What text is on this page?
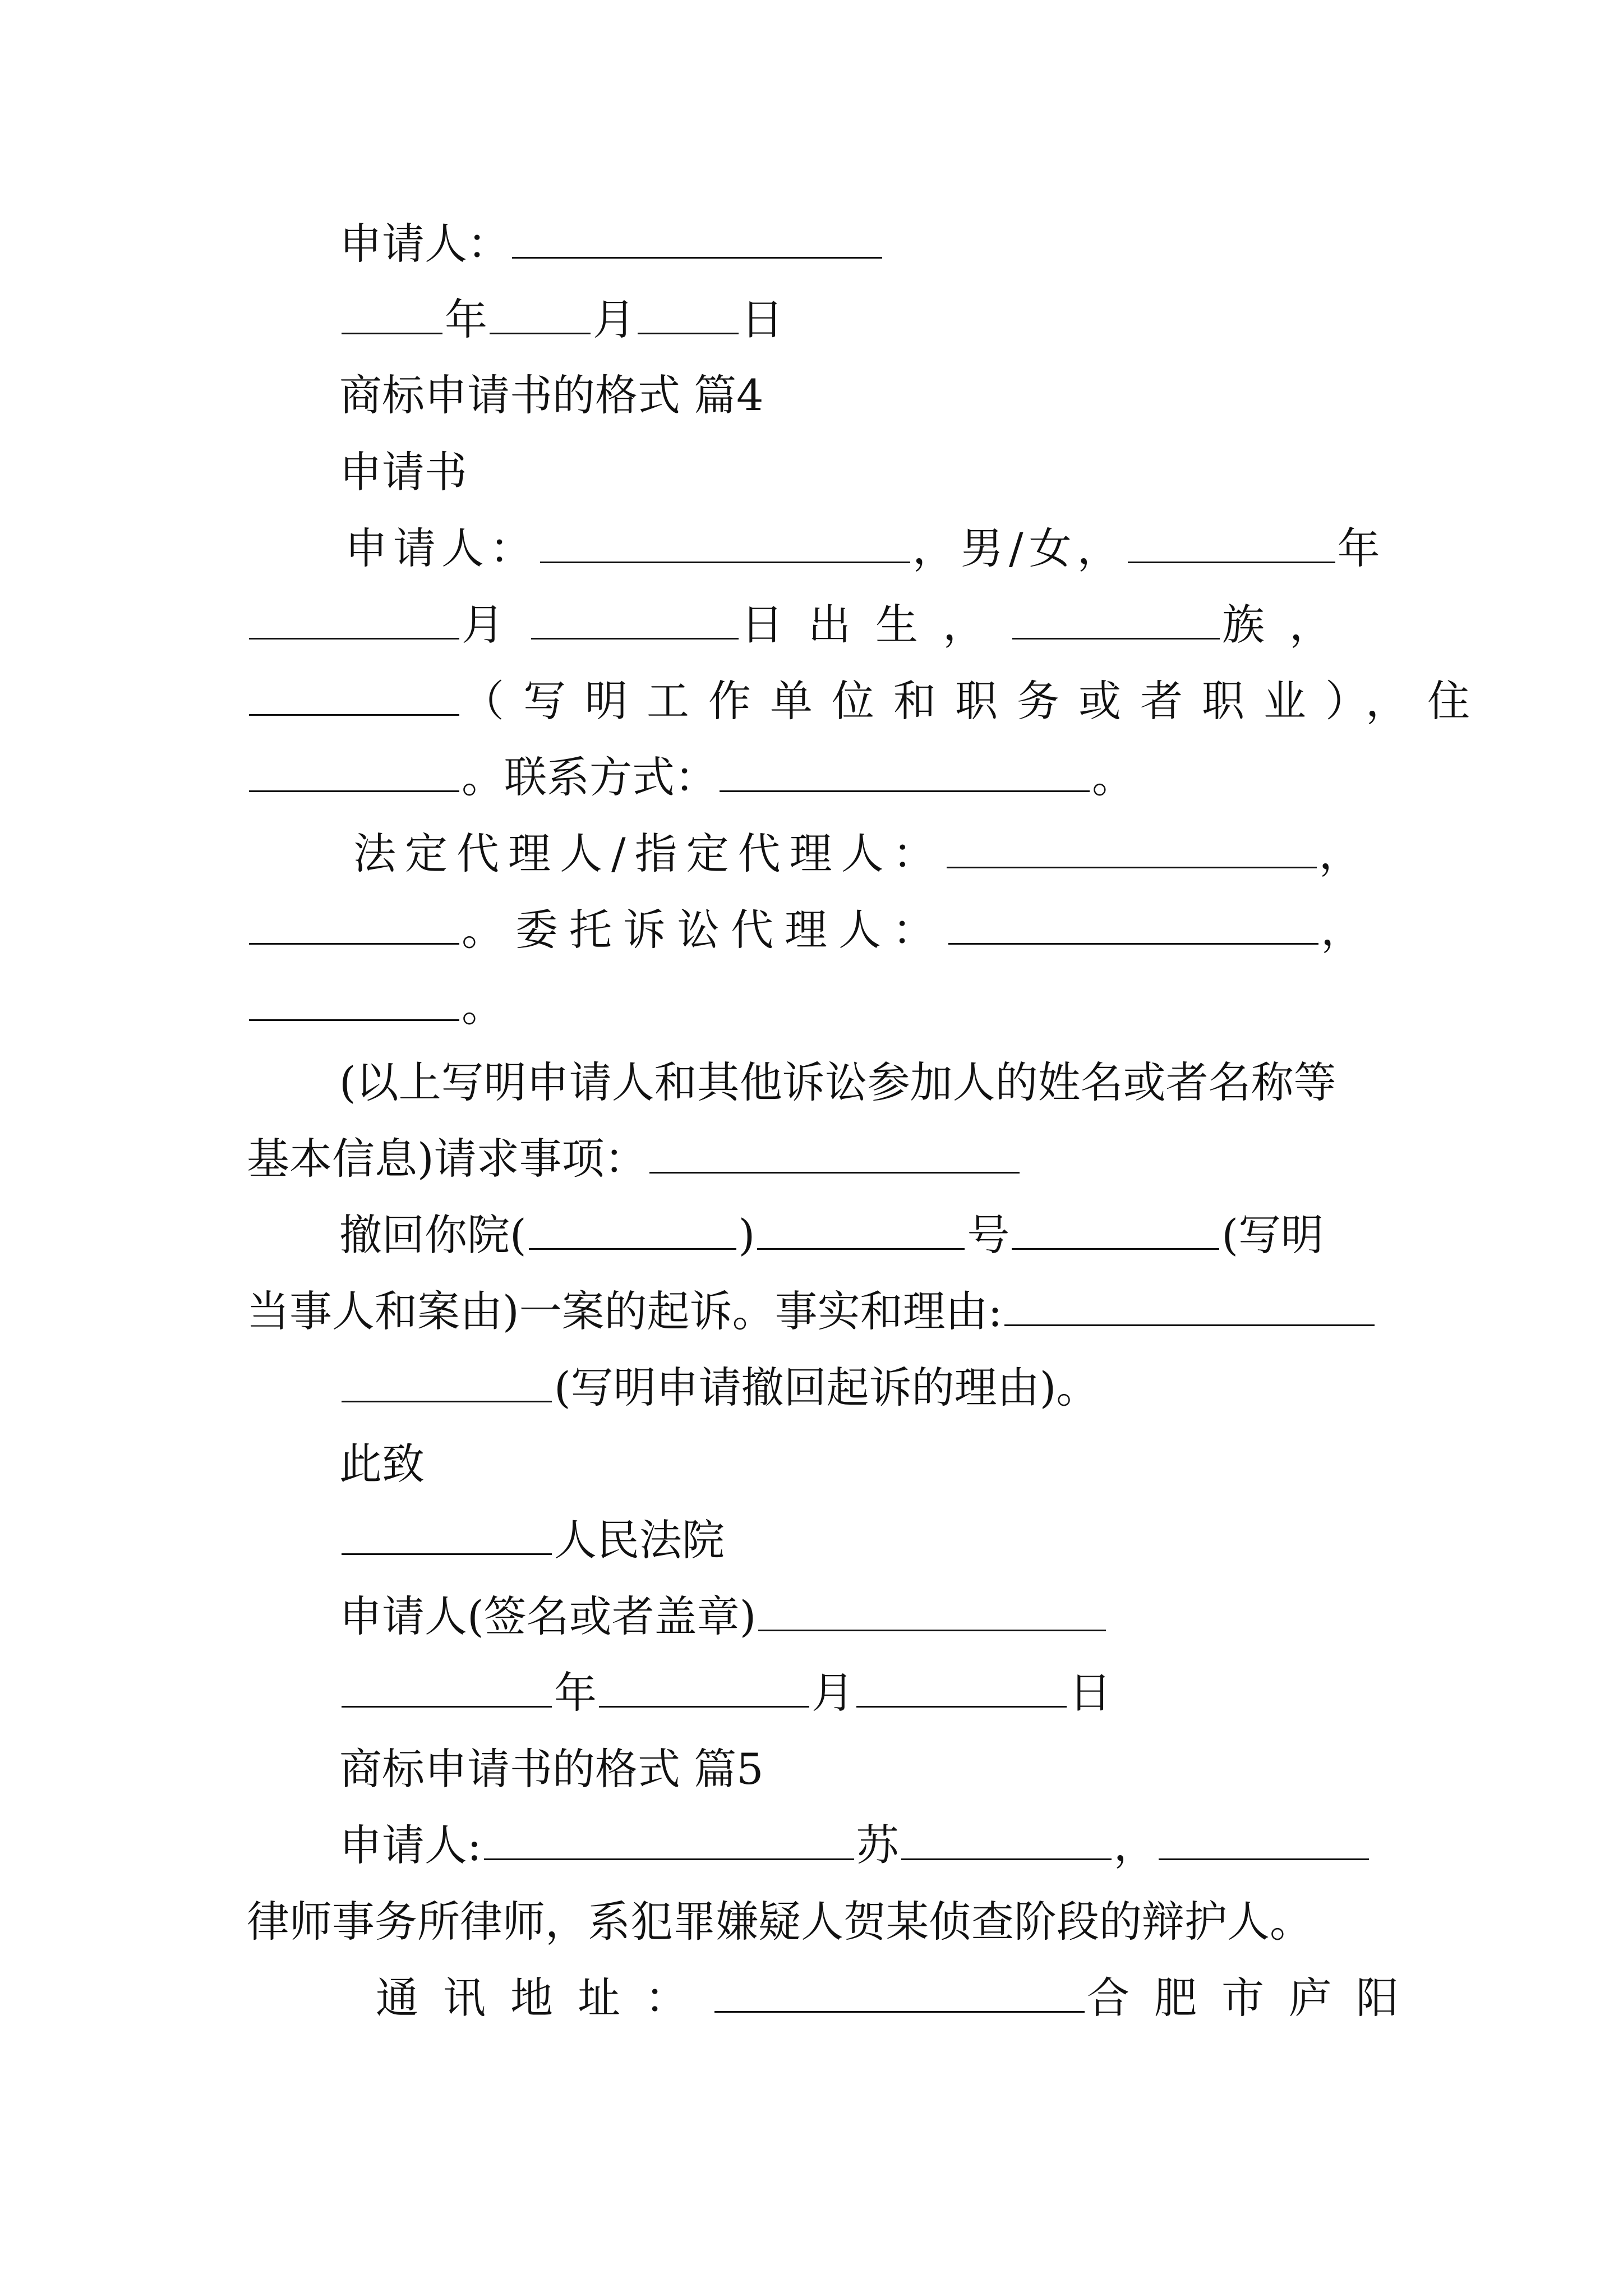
申请人：
年 月 日
商标申请书的格式 篇4
申请书
申请人：	，男/女，	年
月	日出生，	族，
（写明工作单位和职务或者职业），住
。联系方式：	。
法定代理人/指定代理人：	，
。委托诉讼代理人：	，
。
(以上写明申请人和其他诉讼参加人的姓名或者名称等
基本信息)请求事项：
撤回你院(	)	号	(写明
当事人和案由)一案的起诉。事实和理由:
(写明申请撤回起诉的理由)。
此致
人民法院
申请人(签名或者盖章)
年	月	日
商标申请书的格式 篇5
申请人:	苏	，
律师事务所律师，系犯罪嫌疑人贺某侦查阶段的辩护人。
通讯地址：	合肥市庐阳
